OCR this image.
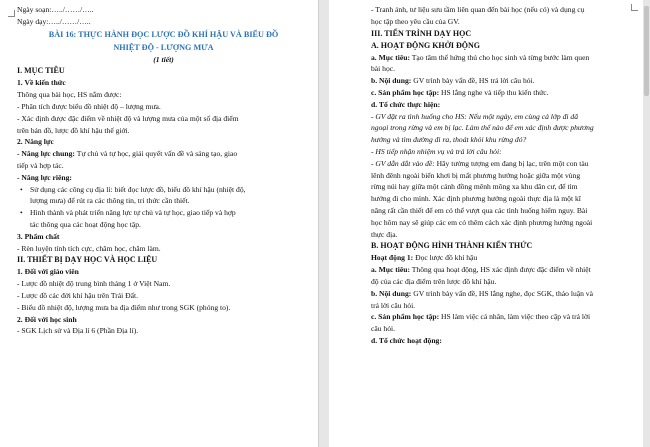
Ngày soạn:…../……/…..
Ngày dạy:…../……/…..
BÀI 16: THỰC HÀNH ĐỌC LƯỢC ĐỒ KHÍ HẬU VÀ BIỂU ĐỒ
NHIỆT ĐỘ - LƯỢNG MƯA
(1 tiết)
I. MỤC TIÊU
1. Về kiến thức
Thông qua bài học, HS nắm được:
- Phân tích được biểu đồ nhiệt độ – lượng mưa.
- Xác định được đặc điểm về nhiệt độ và lượng mưa của một số địa điểm
trên bản đồ, lược đồ khí hậu thế giới.
2. Năng lực
- Năng lực chung: Tự chủ và tự học, giải quyết vấn đề và sáng tạo, giao
tiếp và hợp tác.
- Năng lực riêng:
• Sử dụng các công cụ địa lí: biết đọc lược đồ, biểu đồ khí hậu (nhiệt độ,
lượng mưa) để rút ra các thông tin, tri thức cần thiết.
• Hình thành và phát triển năng lực tự chủ và tự học, giao tiếp và hợp
tác thông qua các hoạt động học tập.
3. Phẩm chất
- Rèn luyện tính tích cực, chăm học, chăm làm.
II. THIẾT BỊ DẠY HỌC VÀ HỌC LIỆU
1. Đối với giáo viên
- Lược đồ nhiệt độ trung bình tháng 1 ở Việt Nam.
- Lược đồ các đới khí hậu trên Trái Đất.
- Biểu đồ nhiệt độ, lượng mưa ba địa điểm như trong SGK (phóng to).
2. Đối với học sinh
- SGK Lịch sử và Địa lí 6 (Phần Địa lí).
- Tranh ảnh, tư liệu sưu tầm liên quan đến bài học (nếu có) và dụng cụ
học tập theo yêu cầu của GV.
III. TIẾN TRÌNH DẠY HỌC
A. HOẠT ĐỘNG KHỞI ĐỘNG
a. Mục tiêu: Tạo tâm thế hứng thú cho học sinh và từng bước làm quen
bài học.
b. Nội dung: GV trình bày vấn đề, HS trả lời câu hỏi.
c. Sản phẩm học tập: HS lắng nghe và tiếp thu kiến thức.
d. Tổ chức thực hiện:
- GV đặt ra tình huống cho HS: Nếu một ngày, em cùng cả lớp đi dã
ngoại trong rừng và em bị lạc. Làm thế nào để em xác định được phương
hướng và tìm đường đi ra, thoát khỏi khu rừng đó?
- HS tiếp nhận nhiệm vụ và trả lời câu hỏi:
- GV dẫn dắt vào đề: Hãy tưởng tượng em đang bị lạc, trên một con tàu
lênh đênh ngoài biển khơi bị mất phương hướng hoặc giữa một vùng
rừng núi hay giữa một cánh đồng mênh mông xa khu dân cư, để tìm
hướng đi cho mình. Xác định phương hướng ngoài thực địa là một kĩ
năng rất cần thiết để em có thể vượt qua các tình huống hiểm nguy. Bài
học hôm nay sẽ giúp các em có thêm cách xác định phương hướng ngoài
thực địa.
B. HOẠT ĐỘNG HÌNH THÀNH KIẾN THỨC
Hoạt động 1: Đọc lược đồ khí hậu
a. Mục tiêu: Thông qua hoạt động, HS xác định được đặc điểm về nhiệt
độ của các địa điểm trên lược đồ khí hậu.
b. Nội dung: GV trình bày vấn đề, HS lắng nghe, đọc SGK, thảo luận và
trả lời câu hỏi.
c. Sản phẩm học tập: HS làm việc cá nhân, làm việc theo cặp và trả lời
câu hỏi.
d. Tổ chức hoạt động:
